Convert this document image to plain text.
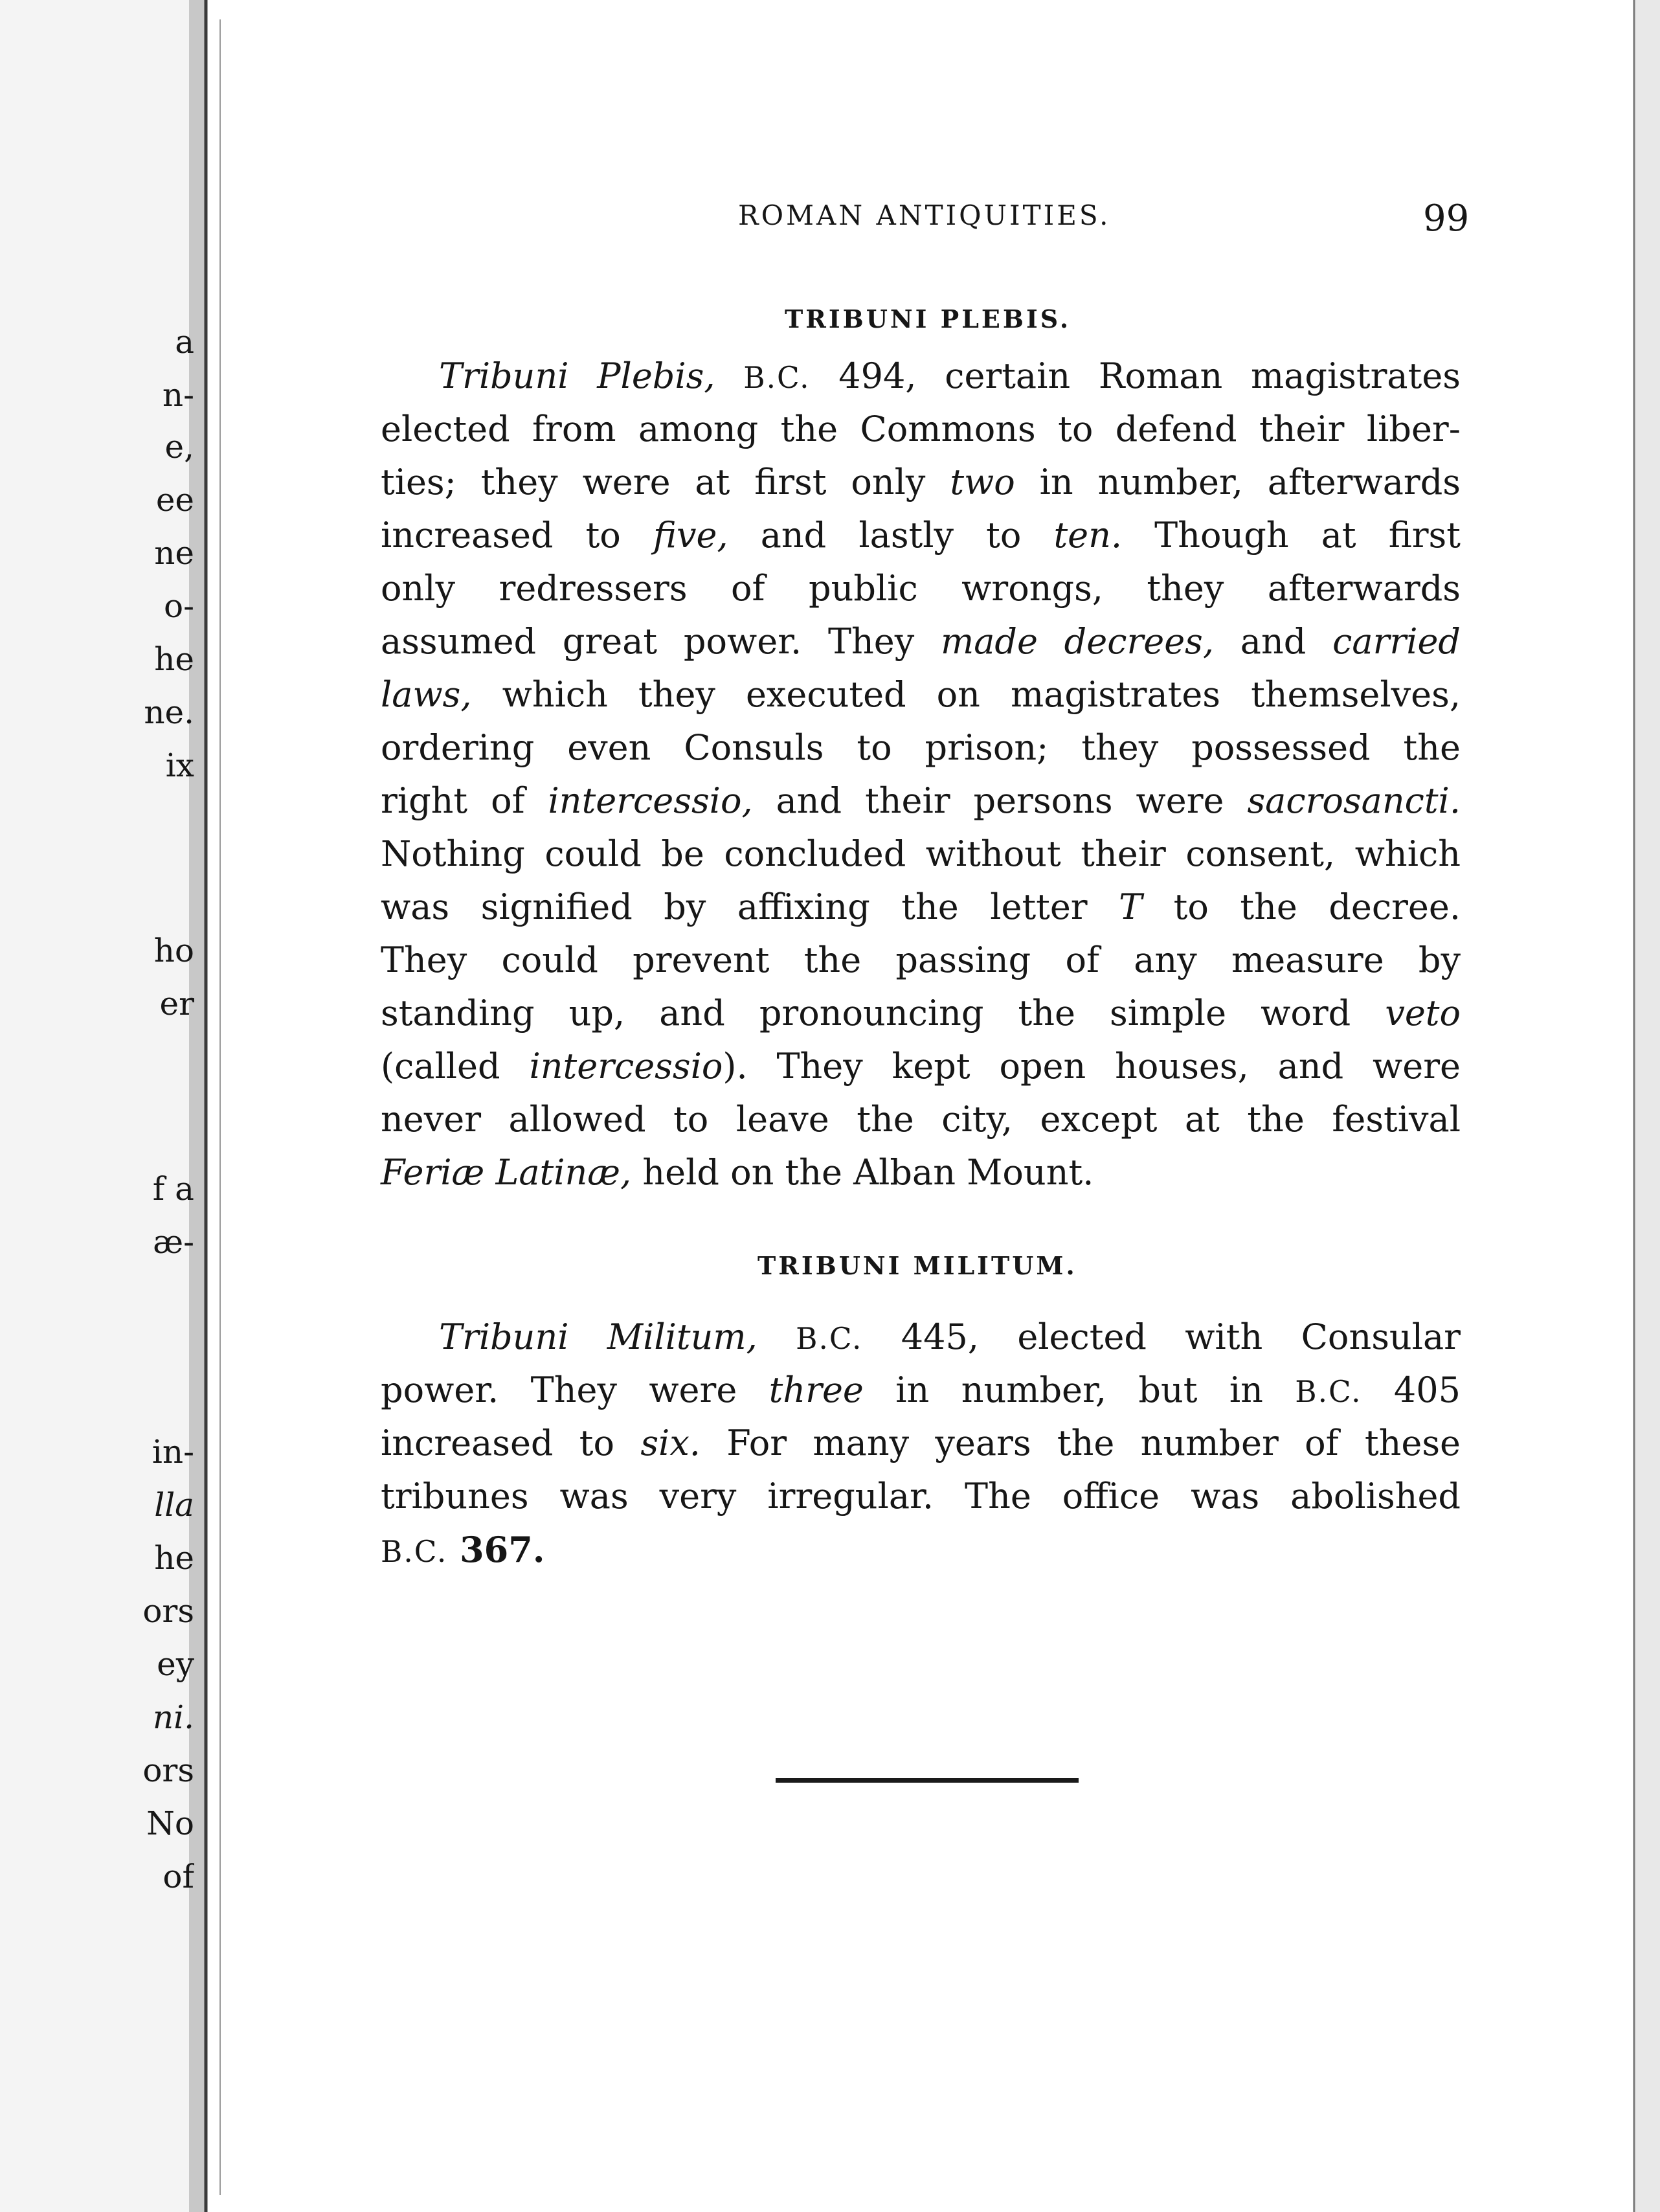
a

n-

e,

ee

ne

o-

he

ne.

ix

ho

er

f a

æ-

in-

lla

he

ors

ey

ni.

ors

No

of

ROMAN ANTIQUITIES.	99

TRIBUNI PLEBIS.

Tribuni Plebis, B.C. 494, certain Roman magistrates

elected from among the Commons to defend their liber-

ties; they were at first only two in number, afterwards

increased to five, and lastly to ten. Though at first

only redressers of public wrongs, they afterwards

assumed great power. They made decrees, and carried

laws, which they executed on magistrates themselves,

ordering even Consuls to prison; they possessed the

right of intercessio, and their persons were sacrosancti.

Nothing could be concluded without their consent, which

was signified by affixing the letter T to the decree.

They could prevent the passing of any measure by

standing up, and pronouncing the simple word veto

(called intercessio). They kept open houses, and were

never allowed to leave the city, except at the festival

Feriæ Latinæ, held on the Alban Mount.

TRIBUNI MILITUM.

Tribuni Militum, B.C. 445, elected with Consular

power. They were three in number, but in B.C. 405

increased to six. For many years the number of these

tribunes was very irregular. The office was abolished

B.C. 367.
